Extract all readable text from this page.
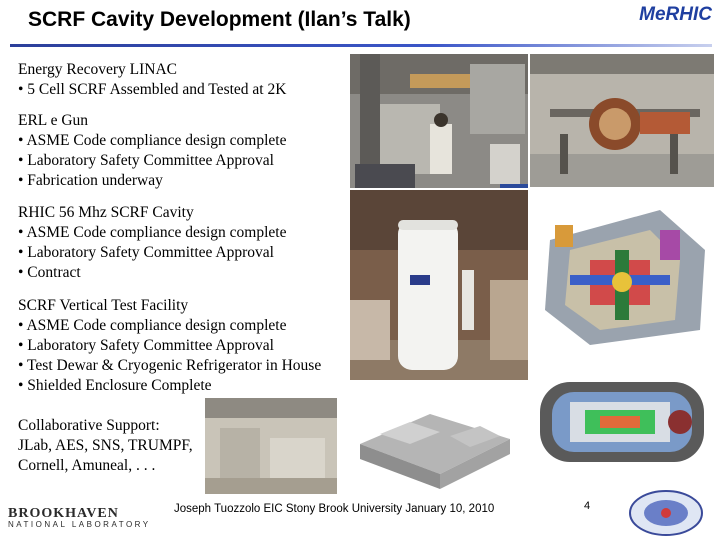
SCRF Cavity Development (Ilan’s Talk)	MeRHIC

Energy Recovery LINAC

• 5 Cell SCRF Assembled and Tested at 2K

ERL e Gun

• ASME Code compliance design complete

• Laboratory Safety Committee Approval

• Fabrication underway

RHIC 56 Mhz SCRF Cavity

• ASME Code compliance design complete

• Laboratory Safety Committee Approval

• Contract

SCRF Vertical Test Facility

• ASME Code compliance design complete

• Laboratory Safety Committee Approval

• Test Dewar & Cryogenic Refrigerator in House

• Shielded Enclosure Complete

Collaborative Support:

JLab, AES, SNS, TRUMPF,

Cornell, Amuneal, . . .

BROOKHAVEN
NATIONAL LABORATORY
Joseph Tuozzolo EIC Stony Brook University January 10, 2010	4
